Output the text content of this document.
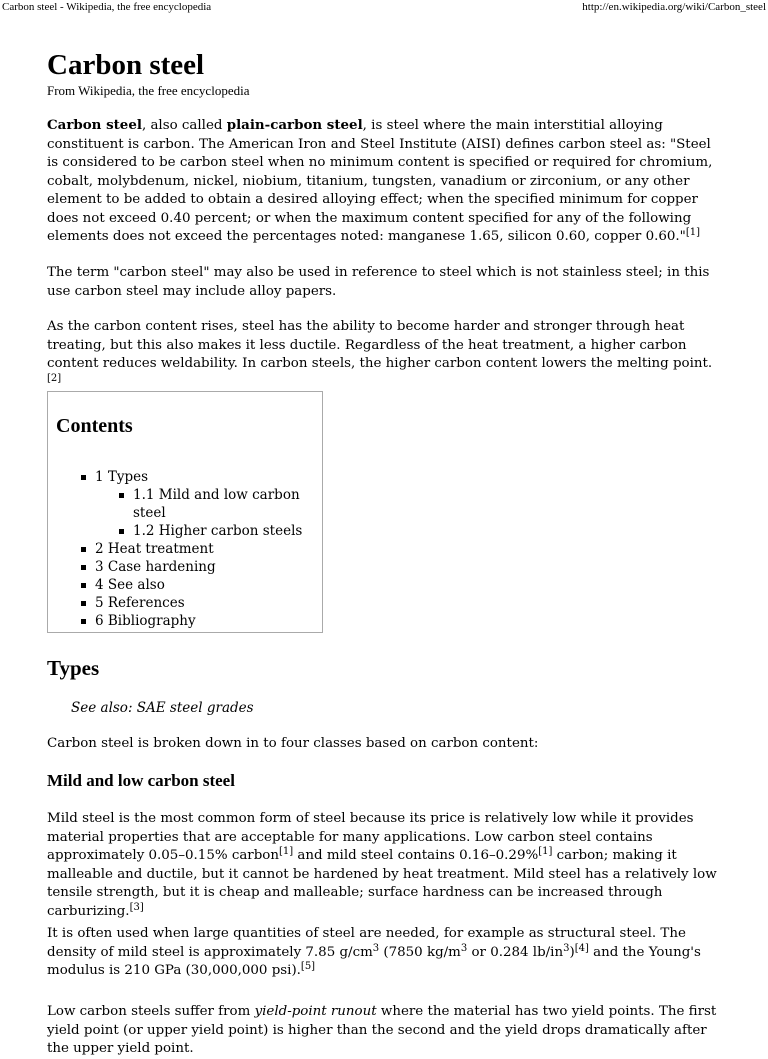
Carbon steel - Wikipedia, the free encyclopedia	http://en.wikipedia.org/wiki/Carbon_steel
Carbon steel
From Wikipedia, the free encyclopedia

Carbon steel, also called plain-carbon steel, is steel where the main interstitial alloying constituent is carbon. The American Iron and Steel Institute (AISI) defines carbon steel as: "Steel is considered to be carbon steel when no minimum content is specified or required for chromium, cobalt, molybdenum, nickel, niobium, titanium, tungsten, vanadium or zirconium, or any other element to be added to obtain a desired alloying effect; when the specified minimum for copper does not exceed 0.40 percent; or when the maximum content specified for any of the following elements does not exceed the percentages noted: manganese 1.65, silicon 0.60, copper 0.60."[1]

The term "carbon steel" may also be used in reference to steel which is not stainless steel; in this use carbon steel may include alloy papers.

As the carbon content rises, steel has the ability to become harder and stronger through heat treating, but this also makes it less ductile. Regardless of the heat treatment, a higher carbon content reduces weldability. In carbon steels, the higher carbon content lowers the melting point.[2]

Contents
1 Types
1.1 Mild and low carbon steel
1.2 Higher carbon steels
2 Heat treatment
3 Case hardening
4 See also
5 References
6 Bibliography
Types
See also: SAE steel grades

Carbon steel is broken down in to four classes based on carbon content:

Mild and low carbon steel

Mild steel is the most common form of steel because its price is relatively low while it provides material properties that are acceptable for many applications. Low carbon steel contains approximately 0.05–0.15% carbon[1] and mild steel contains 0.16–0.29%[1] carbon; making it malleable and ductile, but it cannot be hardened by heat treatment. Mild steel has a relatively low tensile strength, but it is cheap and malleable; surface hardness can be increased through carburizing.[3]

It is often used when large quantities of steel are needed, for example as structural steel. The density of mild steel is approximately 7.85 $g/cm^3$ (7850 $kg/m^3$ or 0.284 $lb/in^3)[4]$ and the Young's modulus is 210 GPa (30,000,000 psi).[5]

Low carbon steels suffer from yield-point runout where the material has two yield points. The first yield point (or upper yield point) is higher than the second and the yield drops dramatically after the upper yield point.
